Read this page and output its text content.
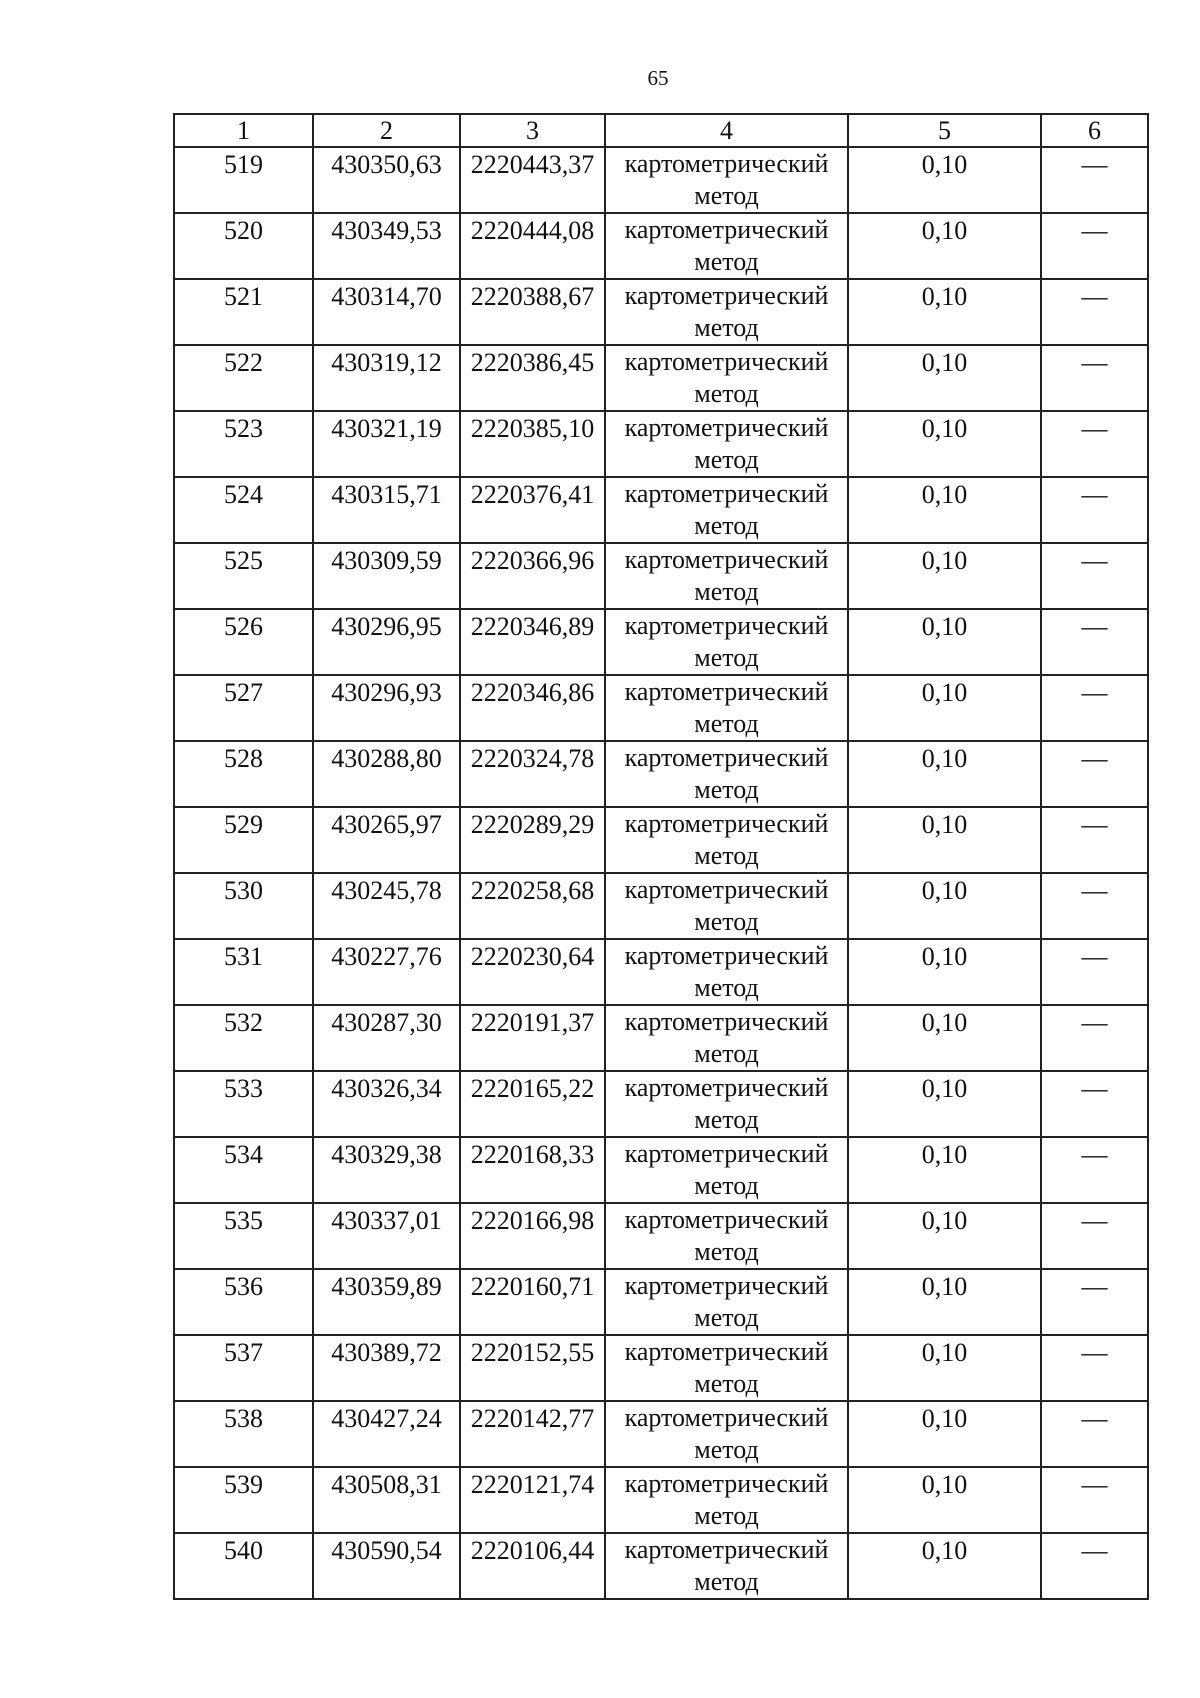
65
1	2	3	4	5	6
519	430350,63	2220443,37	картометрический метод	0,10	—
520	430349,53	2220444,08	картометрический метод	0,10	—
521	430314,70	2220388,67	картометрический метод	0,10	—
522	430319,12	2220386,45	картометрический метод	0,10	—
523	430321,19	2220385,10	картометрический метод	0,10	—
524	430315,71	2220376,41	картометрический метод	0,10	—
525	430309,59	2220366,96	картометрический метод	0,10	—
526	430296,95	2220346,89	картометрический метод	0,10	—
527	430296,93	2220346,86	картометрический метод	0,10	—
528	430288,80	2220324,78	картометрический метод	0,10	—
529	430265,97	2220289,29	картометрический метод	0,10	—
530	430245,78	2220258,68	картометрический метод	0,10	—
531	430227,76	2220230,64	картометрический метод	0,10	—
532	430287,30	2220191,37	картометрический метод	0,10	—
533	430326,34	2220165,22	картометрический метод	0,10	—
534	430329,38	2220168,33	картометрический метод	0,10	—
535	430337,01	2220166,98	картометрический метод	0,10	—
536	430359,89	2220160,71	картометрический метод	0,10	—
537	430389,72	2220152,55	картометрический метод	0,10	—
538	430427,24	2220142,77	картометрический метод	0,10	—
539	430508,31	2220121,74	картометрический метод	0,10	—
540	430590,54	2220106,44	картометрический метод	0,10	—
